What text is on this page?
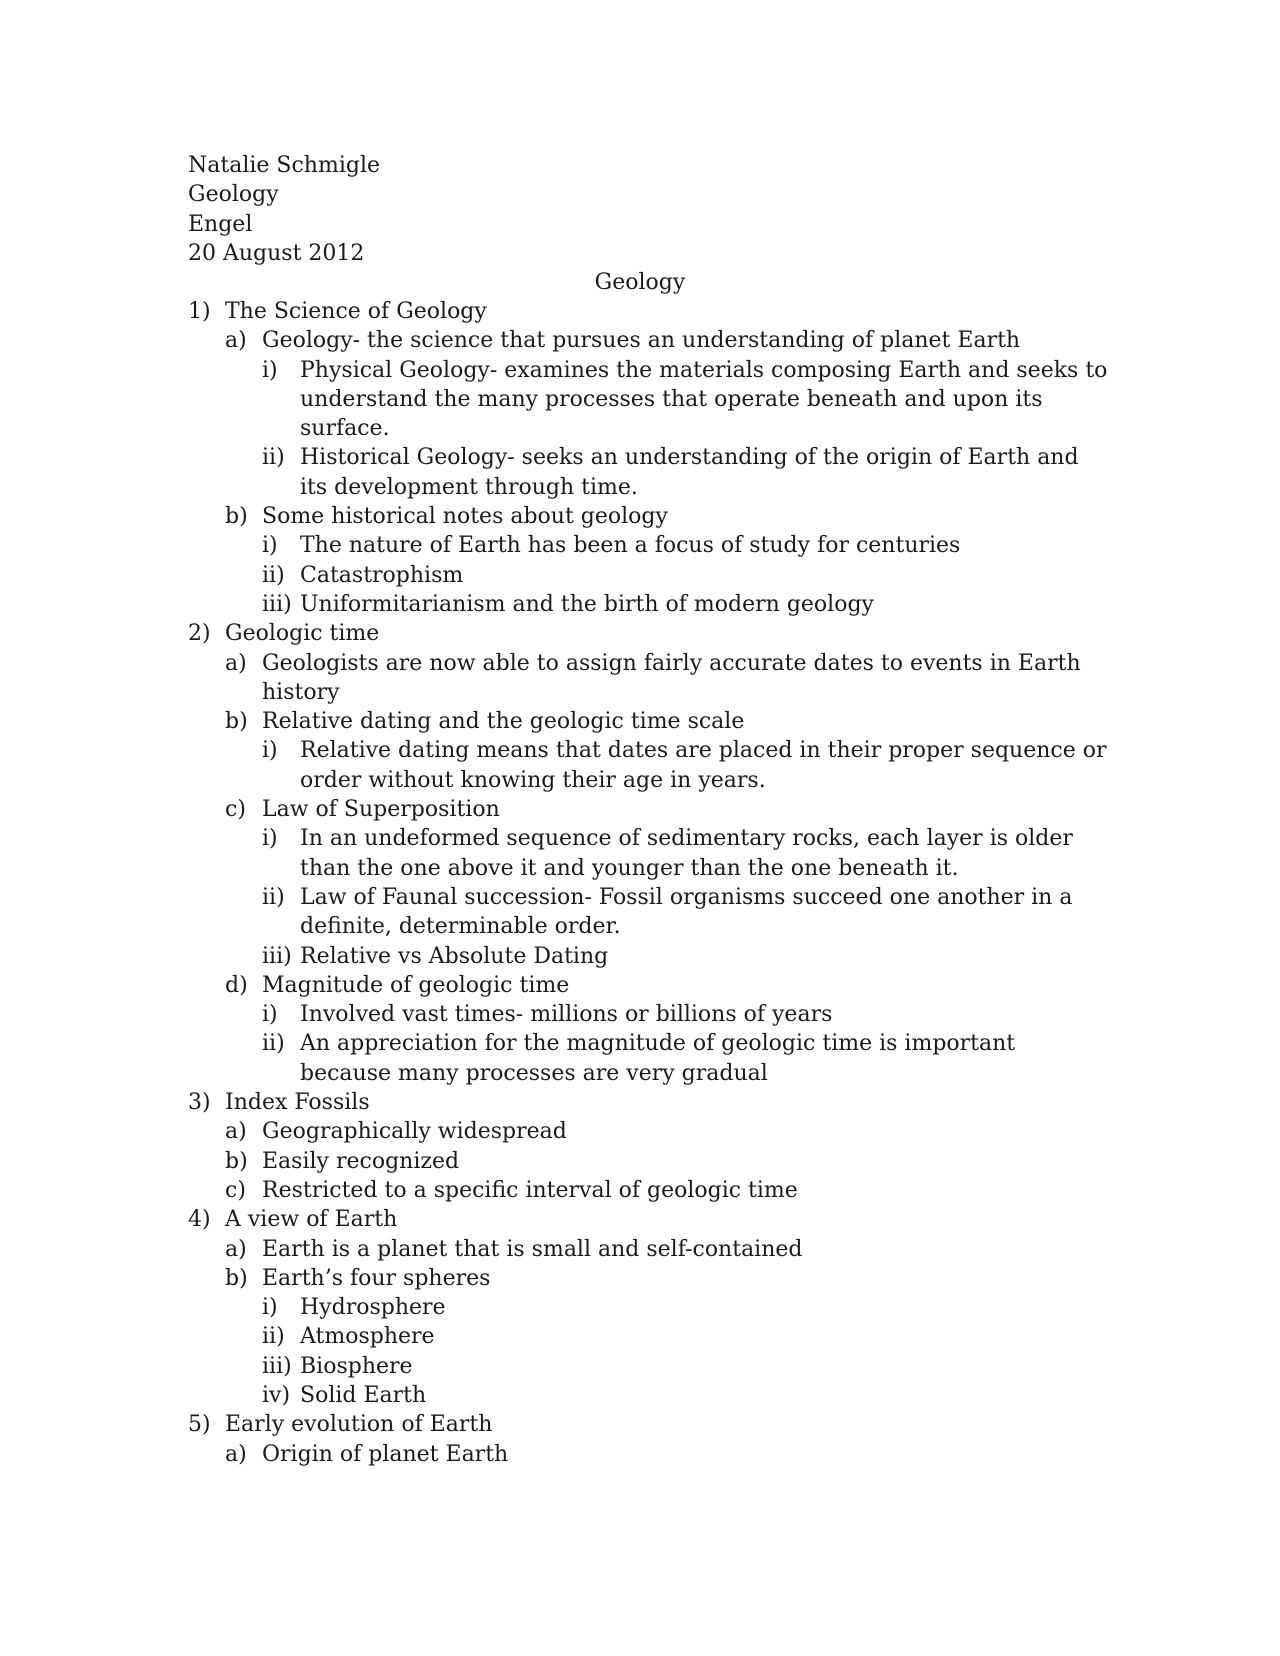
Natalie Schmigle
Geology
Engel
20 August 2012
Geology
1) The Science of Geology
a) Geology- the science that pursues an understanding of planet Earth
i) Physical Geology- examines the materials composing Earth and seeks to understand the many processes that operate beneath and upon its surface.
ii) Historical Geology- seeks an understanding of the origin of Earth and its development through time.
b) Some historical notes about geology
i) The nature of Earth has been a focus of study for centuries
ii) Catastrophism
iii) Uniformitarianism and the birth of modern geology
2) Geologic time
a) Geologists are now able to assign fairly accurate dates to events in Earth history
b) Relative dating and the geologic time scale
i) Relative dating means that dates are placed in their proper sequence or order without knowing their age in years.
c) Law of Superposition
i) In an undeformed sequence of sedimentary rocks, each layer is older than the one above it and younger than the one beneath it.
ii) Law of Faunal succession- Fossil organisms succeed one another in a definite, determinable order.
iii) Relative vs Absolute Dating
d) Magnitude of geologic time
i) Involved vast times- millions or billions of years
ii) An appreciation for the magnitude of geologic time is important because many processes are very gradual
3) Index Fossils
a) Geographically widespread
b) Easily recognized
c) Restricted to a specific interval of geologic time
4) A view of Earth
a) Earth is a planet that is small and self-contained
b) Earth’s four spheres
i) Hydrosphere
ii) Atmosphere
iii) Biosphere
iv) Solid Earth
5) Early evolution of Earth
a) Origin of planet Earth
